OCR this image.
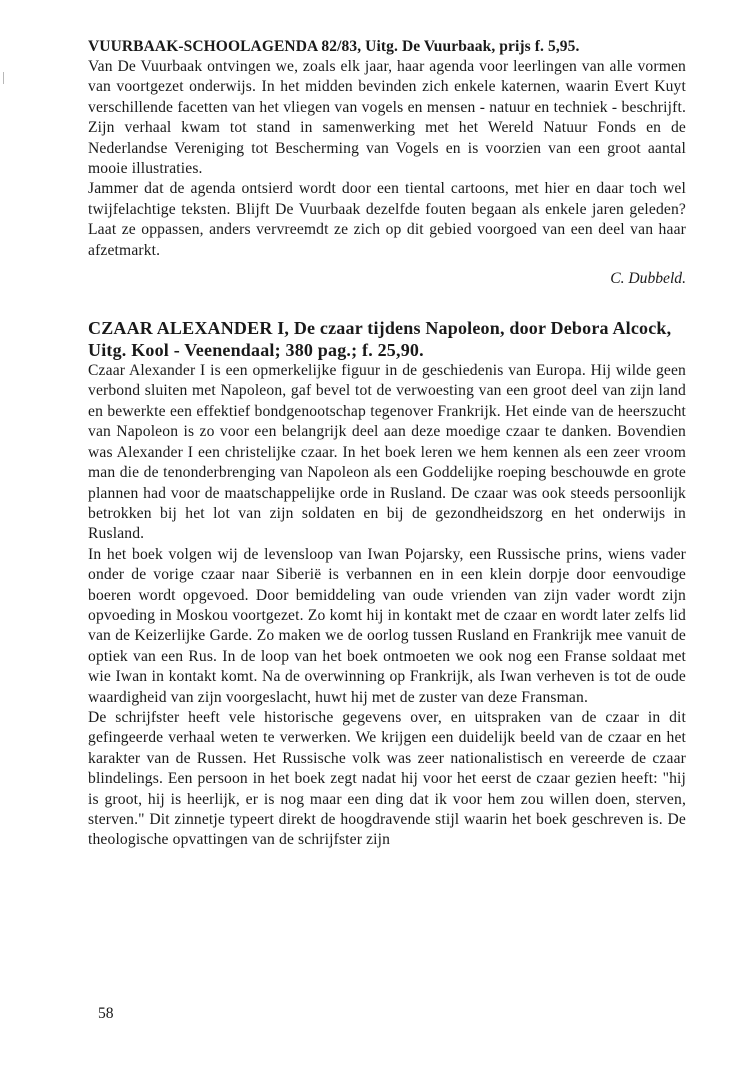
VUURBAAK-SCHOOLAGENDA 82/83, Uitg. De Vuurbaak, prijs f. 5,95.

Van De Vuurbaak ontvingen we, zoals elk jaar, haar agenda voor leerlingen van alle vormen van voortgezet onderwijs. In het midden bevinden zich enkele katernen, waarin Evert Kuyt verschillende facetten van het vliegen van vogels en mensen - natuur en techniek - beschrijft. Zijn verhaal kwam tot stand in samenwerking met het Wereld Natuur Fonds en de Nederlandse Vereniging tot Bescherming van Vogels en is voorzien van een groot aantal mooie illustraties.

Jammer dat de agenda ontsierd wordt door een tiental cartoons, met hier en daar toch wel twijfelachtige teksten. Blijft De Vuurbaak dezelfde fouten begaan als enkele jaren geleden? Laat ze oppassen, anders vervreemdt ze zich op dit gebied voorgoed van een deel van haar afzetmarkt.

C. Dubbeld.

CZAAR ALEXANDER I, De czaar tijdens Napoleon, door Debora Alcock, Uitg. Kool - Veenendaal; 380 pag.; f. 25,90.

Czaar Alexander I is een opmerkelijke figuur in de geschiedenis van Europa. Hij wilde geen verbond sluiten met Napoleon, gaf bevel tot de verwoesting van een groot deel van zijn land en bewerkte een effektief bondgenootschap tegenover Frankrijk. Het einde van de heerszucht van Napoleon is zo voor een belangrijk deel aan deze moedige czaar te danken. Bovendien was Alexander I een christelijke czaar. In het boek leren we hem kennen als een zeer vroom man die de tenonderbrenging van Napoleon als een Goddelijke roeping beschouwde en grote plannen had voor de maatschappelijke orde in Rusland. De czaar was ook steeds persoonlijk betrokken bij het lot van zijn soldaten en bij de gezondheidszorg en het onderwijs in Rusland.

In het boek volgen wij de levensloop van Iwan Pojarsky, een Russische prins, wiens vader onder de vorige czaar naar Siberië is verbannen en in een klein dorpje door eenvoudige boeren wordt opgevoed. Door bemiddeling van oude vrienden van zijn vader wordt zijn opvoeding in Moskou voortgezet. Zo komt hij in kontakt met de czaar en wordt later zelfs lid van de Keizerlijke Garde. Zo maken we de oorlog tussen Rusland en Frankrijk mee vanuit de optiek van een Rus. In de loop van het boek ontmoeten we ook nog een Franse soldaat met wie Iwan in kontakt komt. Na de overwinning op Frankrijk, als Iwan verheven is tot de oude waardigheid van zijn voorgeslacht, huwt hij met de zuster van deze Fransman.

De schrijfster heeft vele historische gegevens over, en uitspraken van de czaar in dit gefingeerde verhaal weten te verwerken. We krijgen een duidelijk beeld van de czaar en het karakter van de Russen. Het Russische volk was zeer nationalistisch en vereerde de czaar blindelings. Een persoon in het boek zegt nadat hij voor het eerst de czaar gezien heeft: "hij is groot, hij is heerlijk, er is nog maar een ding dat ik voor hem zou willen doen, sterven, sterven." Dit zinnetje typeert direkt de hoogdravende stijl waarin het boek geschreven is. De theologische opvattingen van de schrijfster zijn

58
